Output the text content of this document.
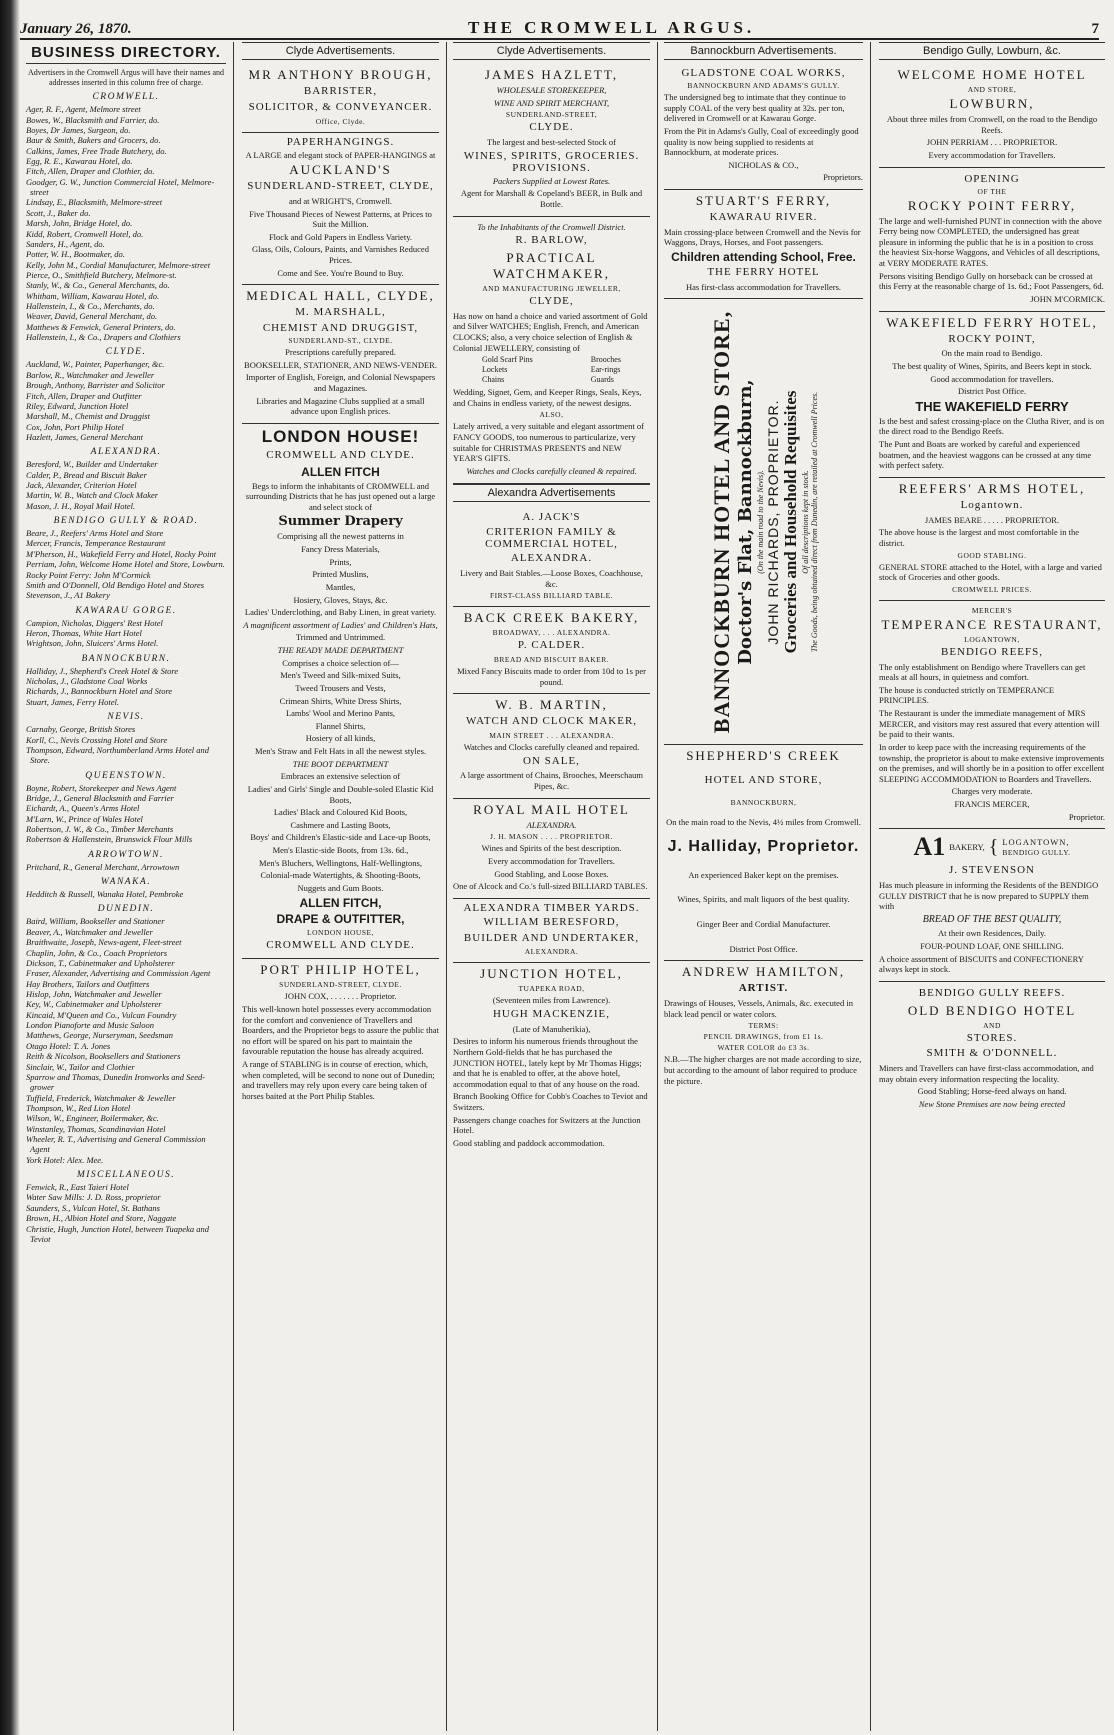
January 26, 1870.	THE CROMWELL ARGUS.	7
BUSINESS DIRECTORY.
Advertisers in the Cromwell Argus will have their names and addresses inserted in this column free of charge.
CROMWELL.
Ager, R. F., Agent, Melmore street
Bowes, W., Blacksmith and Farrier, do.
Boyes, Dr James, Surgeon, do.
Baur & Smith, Bakers and Grocers, do.
Calkins, James, Free Trade Butchery, do.
Egg, R. E., Kawarau Hotel, do.
Fitch, Allen, Draper and Clothier, do.
Goodger, G. W., Junction Commercial Hotel, Melmore-street
Lindsay, E., Blacksmith, Melmore-street
Scott, J., Baker do.
Marsh, John, Bridge Hotel, do.
Kidd, Robert, Cromwell Hotel, do.
Sanders, H., Agent, do.
Potter, W. H., Bootmaker, do.
Kelly, John M., Cordial Manufacturer, Melmore-street
Pierce, O., Smithfield Butchery, Melmore-st.
Stanly, W., & Co., General Merchants, do.
Whitham, William, Kawarau Hotel, do.
Hallenstein, I., & Co., Merchants, do.
Weaver, David, General Merchant, do.
Matthews & Fenwick, General Printers, do.
Hallenstein, I., & Co., Drapers and Clothiers
CLYDE.
Auckland, W., Painter, Paperhanger, &c.
Barlow, R., Watchmaker and Jeweller
Brough, Anthony, Barrister and Solicitor
Fitch, Allen, Draper and Outfitter
Riley, Edward, Junction Hotel
Marshall, M., Chemist and Druggist
Cox, John, Port Philip Hotel
Hazlett, James, General Merchant
ALEXANDRA.
Beresford, W., Builder and Undertaker
Calder, P., Bread and Biscuit Baker
Jack, Alexander, Criterion Hotel
Martin, W. B., Watch and Clock Maker
Mason, J. H., Royal Mail Hotel.
BENDIGO GULLY & ROAD.
Beare, J., Reefers' Arms Hotel and Store
Mercer, Francis, Temperance Restaurant
M'Pherson, H., Wakefield Ferry and Hotel, Rocky Point
Perriam, John, Welcome Home Hotel and Store, Lowburn.
Rocky Point Ferry: John M'Cormick
Smith and O'Donnell, Old Bendigo Hotel and Stores
Stevenson, J., A1 Bakery
KAWARAU GORGE.
Campion, Nicholas, Diggers' Rest Hotel
Heron, Thomas, White Hart Hotel
Wrightson, John, Sluicers' Arms Hotel.
BANNOCKBURN.
Halliday, J., Shepherd's Creek Hotel & Store
Nicholas, J., Gladstone Coal Works
Richards, J., Bannockburn Hotel and Store
Stuart, James, Ferry Hotel.
NEVIS.
Carnaby, George, British Stores
Korll, C., Nevis Crossing Hotel and Store
Thompson, Edward, Northumberland Arms Hotel and Store.
QUEENSTOWN.
Boyne, Robert, Storekeeper and News Agent
Bridge, J., General Blacksmith and Farrier
Eichardt, A., Queen's Arms Hotel
M'Larn, W., Prince of Wales Hotel
Robertson, J. W., & Co., Timber Merchants
Robertson & Hallenstein, Brunswick Flour Mills
ARROWTOWN.
Pritchard, R., General Merchant, Arrowtown
WANAKA.
Hedditch & Russell, Wanaka Hotel, Pembroke
DUNEDIN.
Baird, William, Bookseller and Stationer
Beaver, A., Watchmaker and Jeweller
Braithwaite, Joseph, News-agent, Fleet-street
Chaplin, John, & Co., Coach Proprietors
Dickson, T., Cabinetmaker and Upholsterer
Fraser, Alexander, Advertising and Commission Agent
Hay Brothers, Tailors and Outfitters
Hislop, John, Watchmaker and Jeweller
Key, W., Cabinetmaker and Upholsterer
Kincaid, M'Queen and Co., Vulcan Foundry
London Pianoforte and Music Saloon
Matthews, George, Nurseryman, Seedsman
Otago Hotel: T. A. Jones
Reith & Nicolson, Booksellers and Stationers
Sinclair, W., Tailor and Clothier
Sparrow and Thomas, Dunedin Ironworks and Seed-grower
Tuffield, Frederick, Watchmaker & Jeweller
Thompson, W., Red Lion Hotel
Wilson, W., Engineer, Boilermaker, &c.
Winstanley, Thomas, Scandinavian Hotel
Wheeler, R. T., Advertising and General Commission Agent
York Hotel: Alex. Mee.
MISCELLANEOUS.
Fenwick, R., East Taieri Hotel
Water Saw Mills: J. D. Ross, proprietor
Saunders, S., Vulcan Hotel, St. Bathans
Brown, H., Albion Hotel and Store, Naggate
Christie, Hugh, Junction Hotel, between Tuapeka and Teviot
Clyde Advertisements.
MR ANTHONY BROUGH,

BARRISTER,

SOLICITOR, & CONVEYANCER.

Office, Clyde.

PAPERHANGINGS.

A LARGE and elegant stock of PAPER-HANGINGS at

AUCKLAND'S

SUNDERLAND-STREET, CLYDE,

and at WRIGHT'S, Cromwell.

Five Thousand Pieces of Newest Patterns, at Prices to Suit the Million.

Flock and Gold Papers in Endless Variety.

Glass, Oils, Colours, Paints, and Varnishes Reduced Prices.

Come and See. You're Bound to Buy.

MEDICAL HALL, CLYDE,

M. MARSHALL,

CHEMIST AND DRUGGIST,

SUNDERLAND-ST., CLYDE.

Prescriptions carefully prepared.

BOOKSELLER, STATIONER, AND NEWS-VENDER.

Importer of English, Foreign, and Colonial Newspapers and Magazines.

Libraries and Magazine Clubs supplied at a small advance upon English prices.

LONDON HOUSE!

CROMWELL AND CLYDE.

ALLEN FITCH

Begs to inform the inhabitants of CROMWELL and surrounding Districts that he has just opened out a large and select stock of

Summer Drapery

Comprising all the newest patterns in

Fancy Dress Materials,

Prints,

Printed Muslins,

Mantles,

Hosiery, Gloves, Stays, &c.

Ladies' Underclothing, and Baby Linen, in great variety.

A magnificent assortment of Ladies' and Children's Hats,

Trimmed and Untrimmed.

THE READY MADE DEPARTMENT

Comprises a choice selection of—

Men's Tweed and Silk-mixed Suits,

Tweed Trousers and Vests,

Crimean Shirts, White Dress Shirts,

Lambs' Wool and Merino Pants,

Flannel Shirts,

Hosiery of all kinds,

Men's Straw and Felt Hats in all the newest styles.

THE BOOT DEPARTMENT

Embraces an extensive selection of

Ladies' and Girls' Single and Double-soled Elastic Kid Boots,

Ladies' Black and Coloured Kid Boots,

Cashmere and Lasting Boots,

Boys' and Children's Elastic-side and Lace-up Boots,

Men's Elastic-side Boots, from 13s. 6d.,

Men's Bluchers, Wellingtons, Half-Wellingtons,

Colonial-made Watertights, & Shooting-Boots,

Nuggets and Gum Boots.

ALLEN FITCH,

DRAPE & OUTFITTER,

LONDON HOUSE,

CROMWELL AND CLYDE.

PORT PHILIP HOTEL,

SUNDERLAND-STREET, CLYDE.

JOHN COX, . . . . . . . Proprietor.

This well-known hotel possesses every accommodation for the comfort and convenience of Travellers and Boarders, and the Proprietor begs to assure the public that no effort will be spared on his part to maintain the favourable reputation the house has already acquired.

A range of STABLING is in course of erection, which, when completed, will be second to none out of Dunedin; and travellers may rely upon every care being taken of horses baited at the Port Philip Stables.

Clyde Advertisements.
JAMES HAZLETT,

WHOLESALE STOREKEEPER,

WINE AND SPIRIT MERCHANT,

SUNDERLAND-STREET,

CLYDE.

The largest and best-selected Stock of

WINES, SPIRITS, GROCERIES. PROVISIONS.

Packers Supplied at Lowest Rates.

Agent for Marshall & Copeland's BEER, in Bulk and Bottle.

To the Inhabitants of the Cromwell District.

R. BARLOW,

PRACTICAL WATCHMAKER,

AND MANUFACTURING JEWELLER,

CLYDE,

Has now on hand a choice and varied assortment of Gold and Silver WATCHES; English, French, and American CLOCKS; also, a very choice selection of English & Colonial JEWELLERY, consisting of

Gold Scarf Pins
Lockets
Chains
Brooches
Ear-rings
Guards

Wedding, Signet, Gem, and Keeper Rings, Seals, Keys, and Chains in endless variety, of the newest designs.

ALSO,

Lately arrived, a very suitable and elegant assortment of FANCY GOODS, too numerous to particularize, very suitable for CHRISTMAS PRESENTS and NEW YEAR'S GIFTS.

Watches and Clocks carefully cleaned & repaired.

Alexandra Advertisements

A. JACK'S

CRITERION FAMILY & COMMERCIAL HOTEL,

ALEXANDRA.

Livery and Bait Stables.—Loose Boxes, Coachhouse, &c.

FIRST-CLASS BILLIARD TABLE.

BACK CREEK BAKERY,

BROADWAY, . . . ALEXANDRA.

P. CALDER.

BREAD AND BISCUIT BAKER.

Mixed Fancy Biscuits made to order from 10d to 1s per pound.

W. B. MARTIN,

WATCH AND CLOCK MAKER,

MAIN STREET . . . ALEXANDRA.

Watches and Clocks carefully cleaned and repaired.

ON SALE,

A large assortment of Chains, Brooches, Meerschaum Pipes, &c.

ROYAL MAIL HOTEL

ALEXANDRA.

J. H. MASON . . . . PROPRIETOR.

Wines and Spirits of the best description.

Every accommodation for Travellers.

Good Stabling, and Loose Boxes.

One of Alcock and Co.'s full-sized BILLIARD TABLES.

ALEXANDRA TIMBER YARDS.

WILLIAM BERESFORD,

BUILDER AND UNDERTAKER,

ALEXANDRA.

JUNCTION HOTEL,

TUAPEKA ROAD,

(Seventeen miles from Lawrence).

HUGH MACKENZIE,

(Late of Manuherikia),

Desires to inform his numerous friends throughout the Northern Gold-fields that he has purchased the JUNCTION HOTEL, lately kept by Mr Thomas Higgs; and that he is enabled to offer, at the above hotel, accommodation equal to that of any house on the road.

Branch Booking Office for Cobb's Coaches to Teviot and Switzers.

Passengers change coaches for Switzers at the Junction Hotel.

Good stabling and paddock accommodation.

Bannockburn Advertisements.
GLADSTONE COAL WORKS,

BANNOCKBURN AND ADAMS'S GULLY.

The undersigned beg to intimate that they continue to supply COAL of the very best quality at 32s. per ton, delivered in Cromwell or at Kawarau Gorge.

From the Pit in Adams's Gully, Coal of exceedingly good quality is now being supplied to residents at Bannockburn, at moderate prices.

NICHOLAS & CO.,

Proprietors.

STUART'S FERRY,

KAWARAU RIVER.

Main crossing-place between Cromwell and the Nevis for Waggons, Drays, Horses, and Foot passengers.

Children attending School, Free.

THE FERRY HOTEL

Has first-class accommodation for Travellers.

BANNOCKBURN HOTEL AND STORE, Doctor's Flat, Bannockburn, (On the main road to the Nevis). JOHN RICHARDS, PROPRIETOR. Groceries and Household Requisites Of all descriptions kept in stock. The Goods, being obtained direct from Dunedin, are retailed at Cromwell Prices.
SHEPHERD'S CREEK

HOTEL AND STORE,

BANNOCKBURN,

On the main road to the Nevis, 4½ miles from Cromwell.

J. Halliday, Proprietor.

An experienced Baker kept on the premises.

Wines, Spirits, and malt liquors of the best quality.

Ginger Beer and Cordial Manufacturer.

District Post Office.

ANDREW HAMILTON,

ARTIST.

Drawings of Houses, Vessels, Animals, &c. executed in black lead pencil or water colors.

TERMS:

PENCIL DRAWINGS, from £1 1s.

WATER COLOR do £3 3s.

N.B.—The higher charges are not made according to size, but according to the amount of labor required to produce the picture.

Bendigo Gully, Lowburn, &c.
WELCOME HOME HOTEL

AND STORE,

LOWBURN,

About three miles from Cromwell, on the road to the Bendigo Reefs.

JOHN PERRIAM . . . PROPRIETOR.

Every accommodation for Travellers.

OPENING

OF THE

ROCKY POINT FERRY,

The large and well-furnished PUNT in connection with the above Ferry being now COMPLETED, the undersigned has great pleasure in informing the public that he is in a position to cross the heaviest Six-horse Waggons, and Vehicles of all descriptions, at VERY MODERATE RATES.

Persons visiting Bendigo Gully on horseback can be crossed at this Ferry at the reasonable charge of 1s. 6d.; Foot Passengers, 6d.

JOHN M'CORMICK.

WAKEFIELD FERRY HOTEL,

ROCKY POINT,

On the main road to Bendigo.

The best quality of Wines, Spirits, and Beers kept in stock.

Good accommodation for travellers.

District Post Office.

THE WAKEFIELD FERRY

Is the best and safest crossing-place on the Clutha River, and is on the direct road to the Bendigo Reefs.

The Punt and Boats are worked by careful and experienced boatmen, and the heaviest waggons can be crossed at any time with perfect safety.

REEFERS' ARMS HOTEL,

Logantown.

JAMES BEARE . . . . . PROPRIETOR.

The above house is the largest and most comfortable in the district.

GOOD STABLING.

GENERAL STORE attached to the Hotel, with a large and varied stock of Groceries and other goods.

CROMWELL PRICES.

MERCER'S

TEMPERANCE RESTAURANT,

LOGANTOWN,

BENDIGO REEFS,

The only establishment on Bendigo where Travellers can get meals at all hours, in quietness and comfort.

The house is conducted strictly on TEMPERANCE PRINCIPLES.

The Restaurant is under the immediate management of MRS MERCER, and visitors may rest assured that every attention will be paid to their wants.

In order to keep pace with the increasing requirements of the township, the proprietor is about to make extensive improvements on the premises, and will shortly be in a position to offer excellent SLEEPING ACCOMMODATION to Boarders and Travellers.

Charges very moderate.

FRANCIS MERCER,

Proprietor.

A1 BAKERY, { LOGANTOWN,
BENDIGO GULLY.

J. STEVENSON

Has much pleasure in informing the Residents of the BENDIGO GULLY DISTRICT that he is now prepared to SUPPLY them with

BREAD OF THE BEST QUALITY,

At their own Residences, Daily.

FOUR-POUND LOAF, ONE SHILLING.

A choice assortment of BISCUITS and CONFECTIONERY always kept in stock.

BENDIGO GULLY REEFS.

OLD BENDIGO HOTEL

AND

STORES.

SMITH & O'DONNELL.

Miners and Travellers can have first-class accommodation, and may obtain every information respecting the locality.

Good Stabling; Horse-feed always on hand.

New Stone Premises are now being erected
